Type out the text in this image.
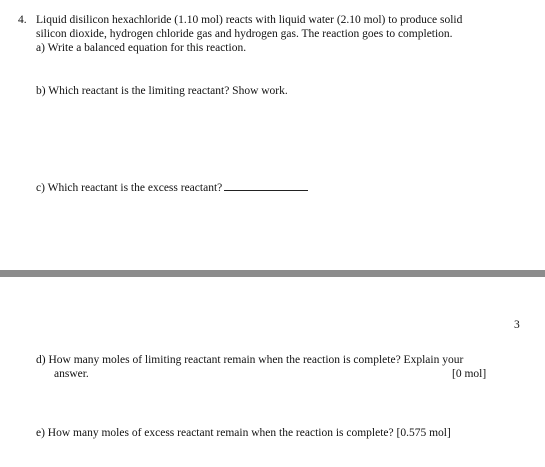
4. Liquid disilicon hexachloride (1.10 mol) reacts with liquid water (2.10 mol) to produce solid
silicon dioxide, hydrogen chloride gas and hydrogen gas. The reaction goes to completion.
a) Write a balanced equation for this reaction.
b) Which reactant is the limiting reactant? Show work.
c) Which reactant is the excess reactant?
3
d) How many moles of limiting reactant remain when the reaction is complete? Explain your
answer.	[0 mol]
e) How many moles of excess reactant remain when the reaction is complete? [0.575 mol]
